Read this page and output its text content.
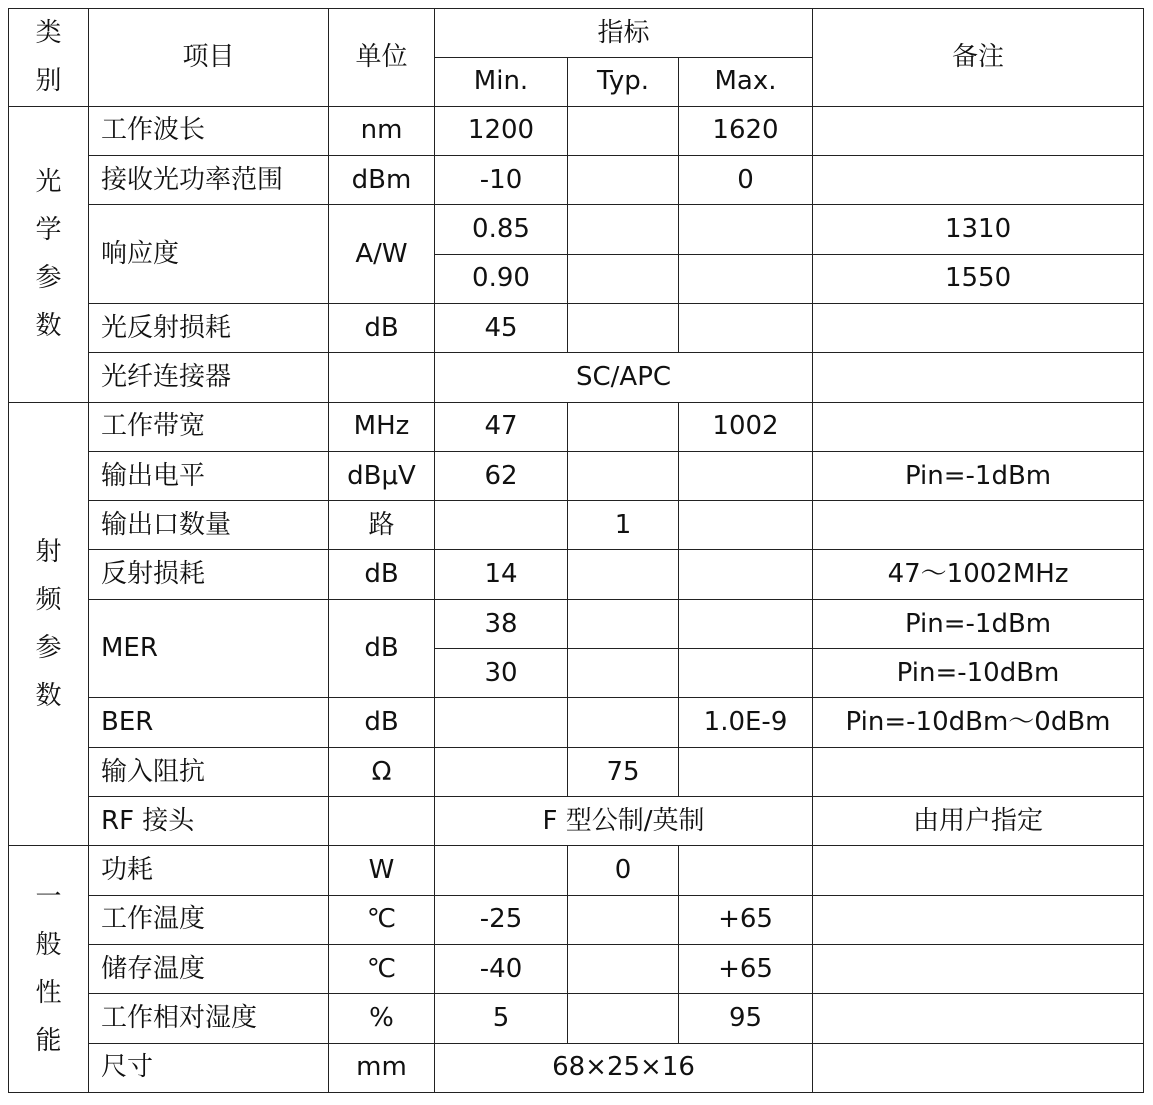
类
别	项目	单位	指标			备注
			Min.	Typ.	Max.	

光
学
参
数	工作波长	nm	1200		1620	
	接收光功率范围	dBm	-10		0	
	响应度	A/W	0.85			1310
			0.90			1550
	光反射损耗	dB	45			
	光纤连接器		SC/APC			

射
频
参
数	工作带宽	MHz	47		1002	
	输出电平	dBμV	62			Pin=-1dBm
	输出口数量	路		1		
	反射损耗	dB	14			47～1002MHz
	MER	dB	38			Pin=-1dBm
			30			Pin=-10dBm
	BER	dB			1.0E-9	Pin=-10dBm～0dBm
	输入阻抗	Ω		75		
	RF 接头		F 型公制/英制			由用户指定

一
般
性
能	功耗	W		0		
	工作温度	℃	-25		+65	
	储存温度	℃	-40		+65	
	工作相对湿度	%	5		95	
	尺寸	mm	68×25×16			
